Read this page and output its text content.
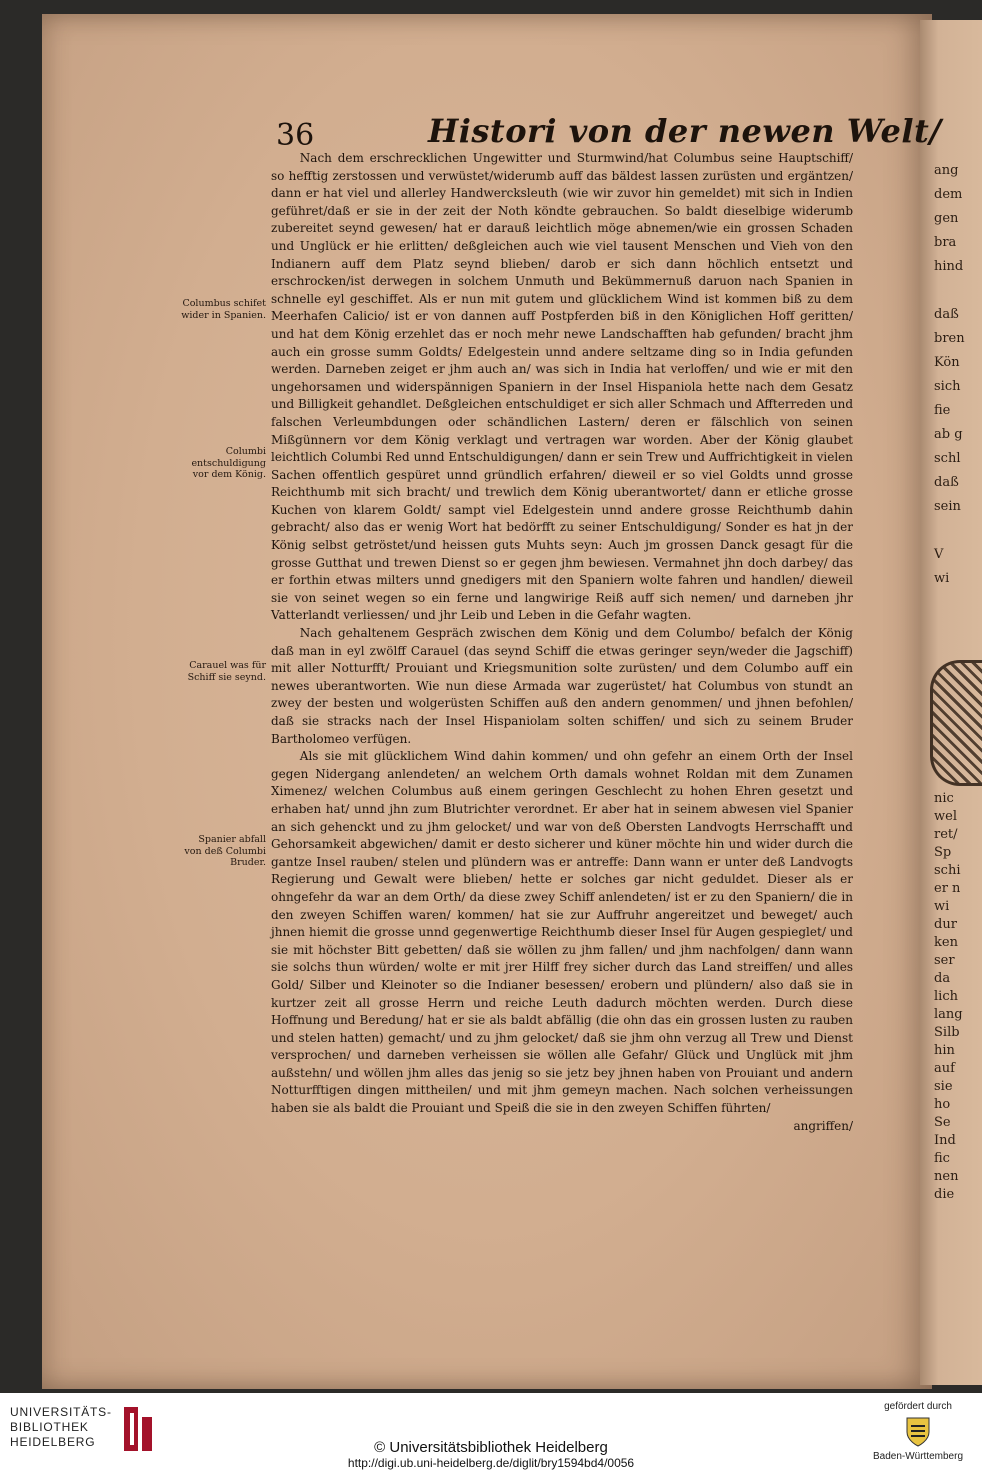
ang
dem
gen
bra
hind
daß
bren
Kön
sich
fie
ab g
schl
daß
sein
V
wi
nic
wel
ret/
Sp
schi
er n
wi
dur
ken
ser
da
lich
lang
Silb
hin
auf
sie
ho
Se
Ind
fic
nen
die
36	Histori von der newen Welt/
Columbus schifet wider in Spanien.
Columbi entschuldigung vor dem König.
Carauel was für Schiff sie seynd.
Spanier abfall von deß Columbi Bruder.

Nach dem erschrecklichen Ungewitter und Sturmwind/hat Columbus seine Hauptschiff/ so hefftig zerstossen und verwüstet/widerumb auff das bäldest lassen zurüsten und ergäntzen/ dann er hat viel und allerley Handwercksleuth (wie wir zuvor hin gemeldet) mit sich in Indien geführet/daß er sie in der zeit der Noth köndte gebrauchen. So baldt dieselbige widerumb zubereitet seynd gewesen/ hat er darauß leichtlich möge abnemen/wie ein grossen Schaden und Unglück er hie erlitten/ deßgleichen auch wie viel tausent Menschen und Vieh von den Indianern auff dem Platz seynd blieben/ darob er sich dann höchlich entsetzt und erschrocken/ist derwegen in solchem Unmuth und Bekümmernuß daruon nach Spanien in schnelle eyl geschiffet. Als er nun mit gutem und glücklichem Wind ist kommen biß zu dem Meerhafen Calicio/ ist er von dannen auff Postpferden biß in den Königlichen Hoff geritten/ und hat dem König erzehlet das er noch mehr newe Landschafften hab gefunden/ bracht jhm auch ein grosse summ Goldts/ Edelgestein unnd andere seltzame ding so in India gefunden werden. Darneben zeiget er jhm auch an/ was sich in India hat verloffen/ und wie er mit den ungehorsamen und widerspännigen Spaniern in der Insel Hispaniola hette nach dem Gesatz und Billigkeit gehandlet. Deßgleichen entschuldiget er sich aller Schmach und Affterreden und falschen Verleumbdungen oder schändlichen Lastern/ deren er fälschlich von seinen Mißgünnern vor dem König verklagt und vertragen war worden. Aber der König glaubet leichtlich Columbi Red unnd Entschuldigungen/ dann er sein Trew und Auffrichtigkeit in vielen Sachen offentlich gespüret unnd gründlich erfahren/ dieweil er so viel Goldts unnd grosse Reichthumb mit sich bracht/ und trewlich dem König uberantwortet/ dann er etliche grosse Kuchen von klarem Goldt/ sampt viel Edelgestein unnd andere grosse Reichthumb dahin gebracht/ also das er wenig Wort hat bedörfft zu seiner Entschuldigung/ Sonder es hat jn der König selbst getröstet/und heissen guts Muhts seyn: Auch jm grossen Danck gesagt für die grosse Gutthat und trewen Dienst so er gegen jhm bewiesen. Vermahnet jhn doch darbey/ das er forthin etwas milters unnd gnedigers mit den Spaniern wolte fahren und handlen/ dieweil sie von seinet wegen so ein ferne und langwirige Reiß auff sich nemen/ und darneben jhr Vatterlandt verliessen/ und jhr Leib und Leben in die Gefahr wagten.

Nach gehaltenem Gespräch zwischen dem König und dem Columbo/ befalch der König daß man in eyl zwölff Carauel (das seynd Schiff die etwas geringer seyn/weder die Jagschiff) mit aller Notturfft/ Prouiant und Kriegsmunition solte zurüsten/ und dem Columbo auff ein newes uberantworten. Wie nun diese Armada war zugerüstet/ hat Columbus von stundt an zwey der besten und wolgerüsten Schiffen auß den andern genommen/ und jhnen befohlen/ daß sie stracks nach der Insel Hispaniolam solten schiffen/ und sich zu seinem Bruder Bartholomeo verfügen.

Als sie mit glücklichem Wind dahin kommen/ und ohn gefehr an einem Orth der Insel gegen Nidergang anlendeten/ an welchem Orth damals wohnet Roldan mit dem Zunamen Ximenez/ welchen Columbus auß einem geringen Geschlecht zu hohen Ehren gesetzt und erhaben hat/ unnd jhn zum Blutrichter verordnet. Er aber hat in seinem abwesen viel Spanier an sich gehenckt und zu jhm gelocket/ und war von deß Obersten Landvogts Herrschafft und Gehorsamkeit abgewichen/ damit er desto sicherer und küner möchte hin und wider durch die gantze Insel rauben/ stelen und plündern was er antreffe: Dann wann er unter deß Landvogts Regierung und Gewalt were blieben/ hette er solches gar nicht geduldet. Dieser als er ohngefehr da war an dem Orth/ da diese zwey Schiff anlendeten/ ist er zu den Spaniern/ die in den zweyen Schiffen waren/ kommen/ hat sie zur Auffruhr angereitzet und beweget/ auch jhnen hiemit die grosse unnd gegenwertige Reichthumb dieser Insel für Augen gespieglet/ und sie mit höchster Bitt gebetten/ daß sie wöllen zu jhm fallen/ und jhm nachfolgen/ dann wann sie solchs thun würden/ wolte er mit jrer Hilff frey sicher durch das Land streiffen/ und alles Gold/ Silber und Kleinoter so die Indianer besessen/ erobern und plündern/ also daß sie in kurtzer zeit all grosse Herrn und reiche Leuth dadurch möchten werden. Durch diese Hoffnung und Beredung/ hat er sie als baldt abfällig (die ohn das ein grossen lusten zu rauben und stelen hatten) gemacht/ und zu jhm gelocket/ daß sie jhm ohn verzug all Trew und Dienst versprochen/ und darneben verheissen sie wöllen alle Gefahr/ Glück und Unglück mit jhm außstehn/ und wöllen jhm alles das jenig so sie jetz bey jhnen haben von Prouiant und andern Notturfftigen dingen mittheilen/ und mit jhm gemeyn machen. Nach solchen verheissungen haben sie als baldt die Prouiant und Speiß die sie in den zweyen Schiffen führten/

angriffen/

UNIVERSITÄTS-
BIBLIOTHEK
HEIDELBERG	© Universitätsbibliothek Heidelberg
http://digi.ub.uni-heidelberg.de/diglit/bry1594bd4/0056
gefördert durch
Baden-Württemberg
